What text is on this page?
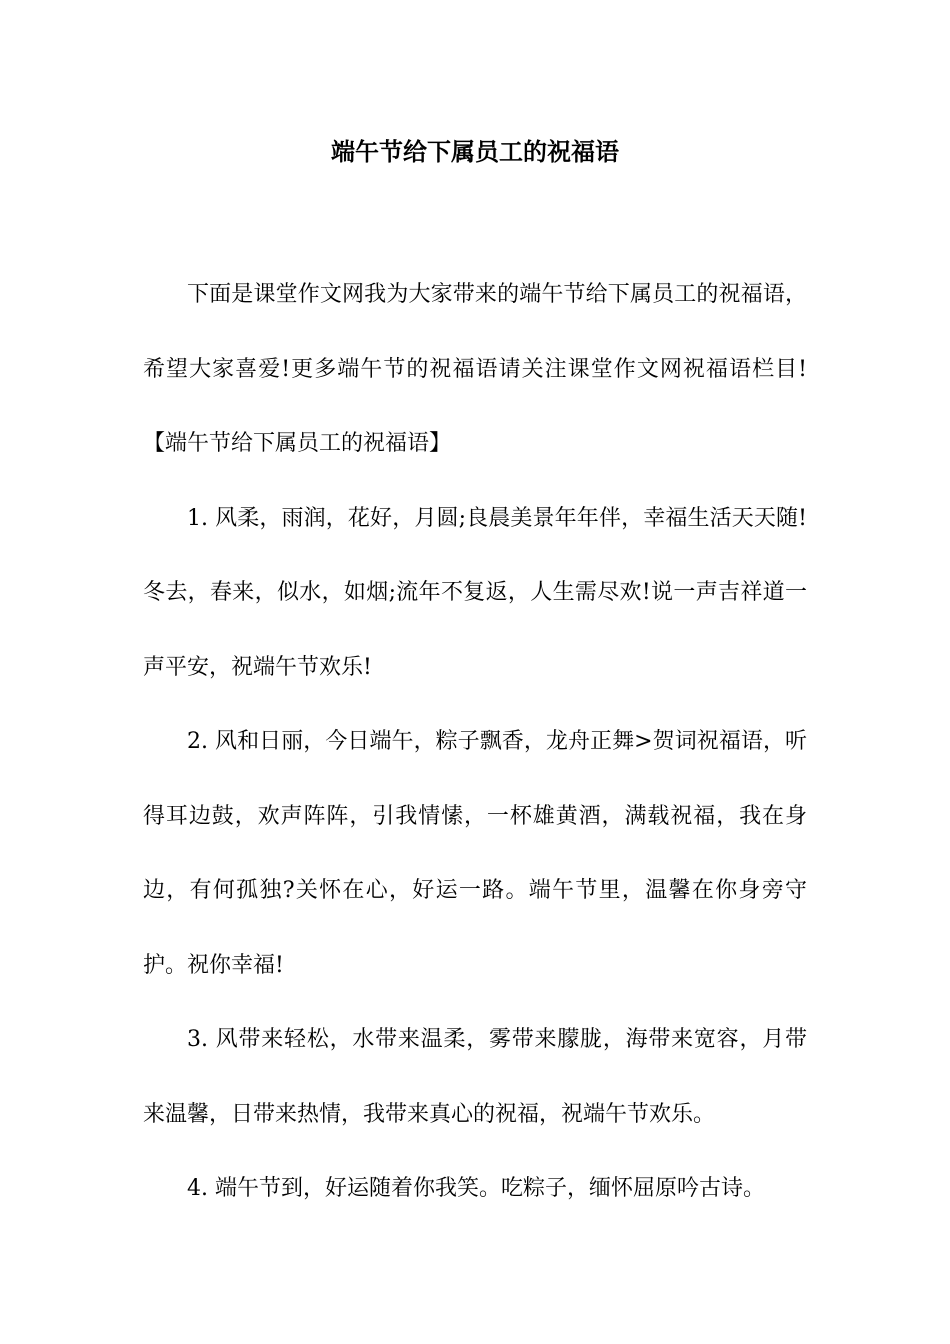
端午节给下属员工的祝福语

下面是课堂作文网我为大家带来的端午节给下属员工的祝福语，希望大家喜爱!更多端午节的祝福语请关注课堂作文网祝福语栏目!　　【端午节给下属员工的祝福语】

1. 风柔，雨润，花好，月圆;良晨美景年年伴，幸福生活天天随!冬去，春来，似水，如烟;流年不复返，人生需尽欢!说一声吉祥道一声平安，祝端午节欢乐!

2. 风和日丽，今日端午，粽子飘香，龙舟正舞>贺词祝福语，听得耳边鼓，欢声阵阵，引我情愫，一杯雄黄酒，满载祝福，我在身边，有何孤独?关怀在心，好运一路。端午节里，温馨在你身旁守护。祝你幸福!

3. 风带来轻松，水带来温柔，雾带来朦胧，海带来宽容，月带来温馨，日带来热情，我带来真心的祝福，祝端午节欢乐。

4. 端午节到，好运随着你我笑。吃粽子，缅怀屈原吟古诗。
